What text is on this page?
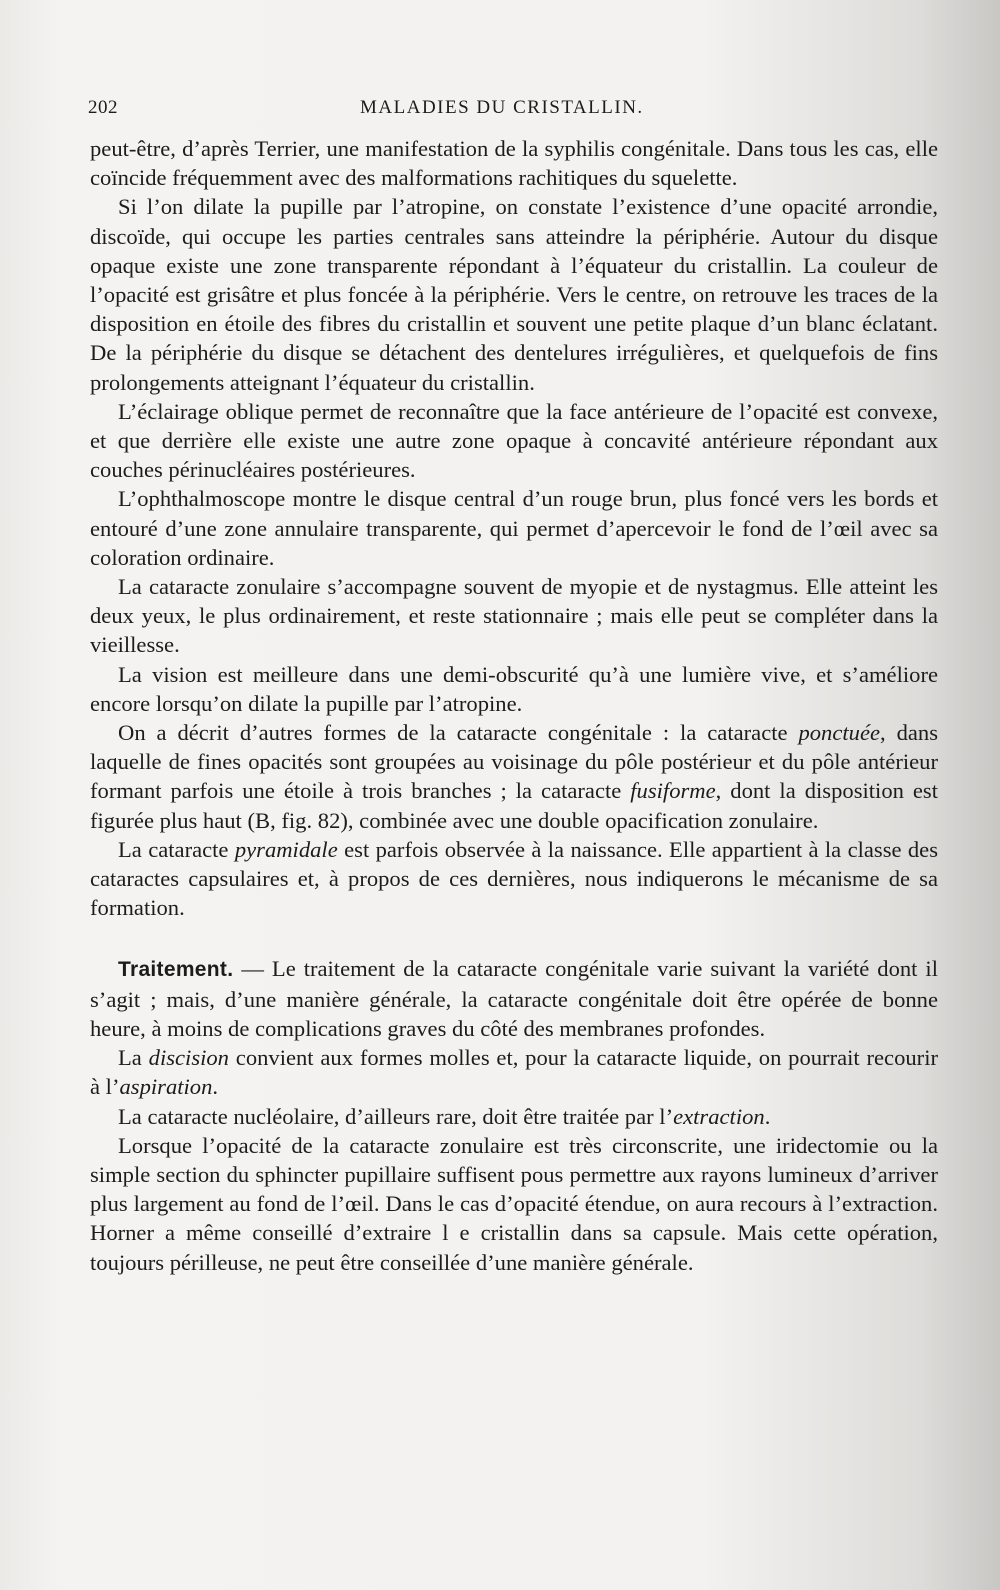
202	MALADIES DU CRISTALLIN.

peut-être, d’après Terrier, une manifestation de la syphilis congénitale. Dans tous les cas, elle coïncide fréquemment avec des malformations rachitiques du squelette.

Si l’on dilate la pupille par l’atropine, on constate l’existence d’une opacité arrondie, discoïde, qui occupe les parties centrales sans atteindre la périphérie. Autour du disque opaque existe une zone transparente répondant à l’équateur du cristallin. La couleur de l’opacité est grisâtre et plus foncée à la périphérie. Vers le centre, on retrouve les traces de la disposition en étoile des fibres du cristallin et souvent une petite plaque d’un blanc éclatant. De la périphérie du disque se détachent des dentelures irrégulières, et quelquefois de fins prolongements atteignant l’équateur du cristallin.

L’éclairage oblique permet de reconnaître que la face antérieure de l’opacité est convexe, et que derrière elle existe une autre zone opaque à concavité antérieure répondant aux couches périnucléaires postérieures.

L’ophthalmoscope montre le disque central d’un rouge brun, plus foncé vers les bords et entouré d’une zone annulaire transparente, qui permet d’apercevoir le fond de l’œil avec sa coloration ordinaire.

La cataracte zonulaire s’accompagne souvent de myopie et de nystagmus. Elle atteint les deux yeux, le plus ordinairement, et reste stationnaire ; mais elle peut se compléter dans la vieillesse.

La vision est meilleure dans une demi-obscurité qu’à une lumière vive, et s’améliore encore lorsqu’on dilate la pupille par l’atropine.

On a décrit d’autres formes de la cataracte congénitale : la cataracte ponctuée, dans laquelle de fines opacités sont groupées au voisinage du pôle postérieur et du pôle antérieur formant parfois une étoile à trois branches ; la cataracte fusiforme, dont la disposition est figurée plus haut (B, fig. 82), combinée avec une double opacification zonulaire.

La cataracte pyramidale est parfois observée à la naissance. Elle appartient à la classe des cataractes capsulaires et, à propos de ces dernières, nous indiquerons le mécanisme de sa formation.

Traitement. — Le traitement de la cataracte congénitale varie suivant la variété dont il s’agit ; mais, d’une manière générale, la cataracte congénitale doit être opérée de bonne heure, à moins de complications graves du côté des membranes profondes.

La discision convient aux formes molles et, pour la cataracte liquide, on pourrait recourir à l’aspiration.

La cataracte nucléolaire, d’ailleurs rare, doit être traitée par l’extraction.

Lorsque l’opacité de la cataracte zonulaire est très circonscrite, une iridectomie ou la simple section du sphincter pupillaire suffisent pous permettre aux rayons lumineux d’arriver plus largement au fond de l’œil. Dans le cas d’opacité étendue, on aura recours à l’extraction. Horner a même conseillé d’extraire l e cristallin dans sa capsule. Mais cette opération, toujours périlleuse, ne peut être conseillée d’une manière générale.
